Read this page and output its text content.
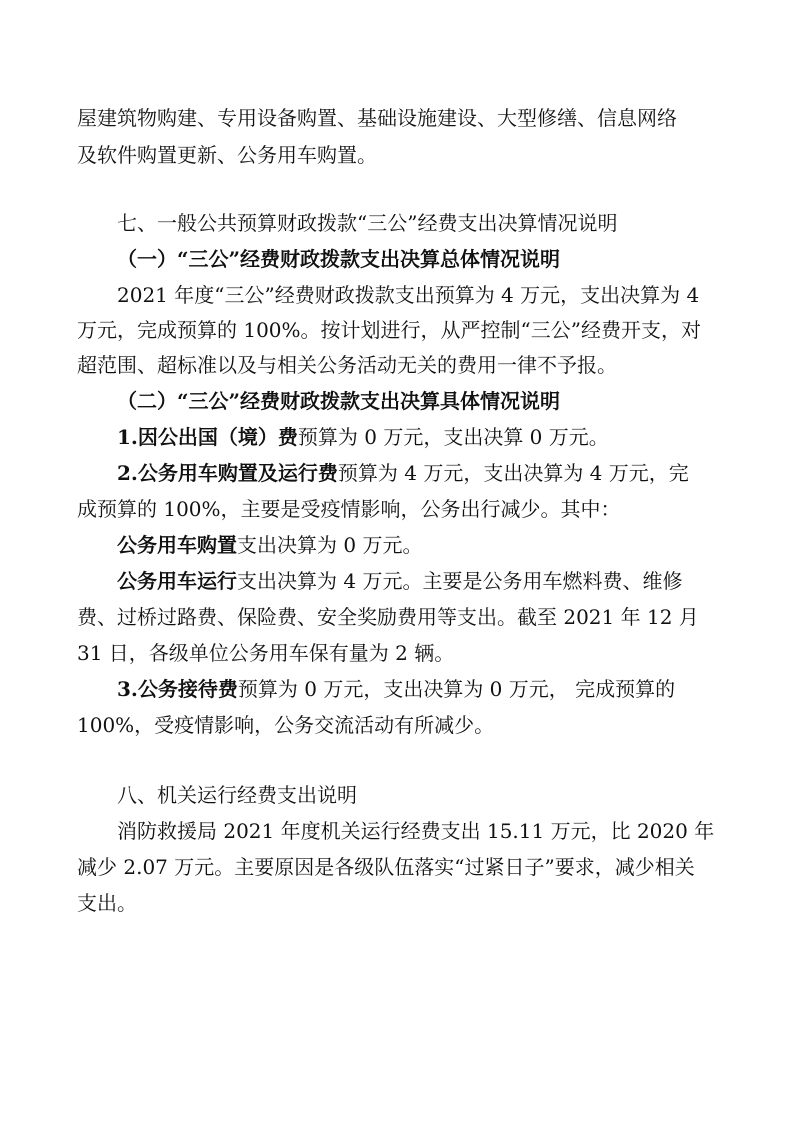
屋建筑物购建、专用设备购置、基础设施建设、大型修缮、信息网络
及软件购置更新、公务用车购置。
七、一般公共预算财政拨款“三公”经费支出决算情况说明
（一）“三公”经费财政拨款支出决算总体情况说明
2021 年度“三公”经费财政拨款支出预算为 4 万元，支出决算为 4
万元，完成预算的 100%。按计划进行，从严控制“三公”经费开支，对
超范围、超标准以及与相关公务活动无关的费用一律不予报。
（二）“三公”经费财政拨款支出决算具体情况说明
1.因公出国（境）费预算为 0 万元，支出决算 0 万元。
2.公务用车购置及运行费预算为 4 万元，支出决算为 4 万元，完
成预算的 100%，主要是受疫情影响，公务出行减少。其中：
公务用车购置支出决算为 0 万元。
公务用车运行支出决算为 4 万元。主要是公务用车燃料费、维修
费、过桥过路费、保险费、安全奖励费用等支出。截至 2021 年 12 月
31 日，各级单位公务用车保有量为 2 辆。
3.公务接待费预算为 0 万元，支出决算为 0 万元， 完成预算的
100%，受疫情影响，公务交流活动有所减少。
八、机关运行经费支出说明
消防救援局 2021 年度机关运行经费支出 15.11 万元，比 2020 年
减少 2.07 万元。主要原因是各级队伍落实“过紧日子”要求，减少相关
支出。
